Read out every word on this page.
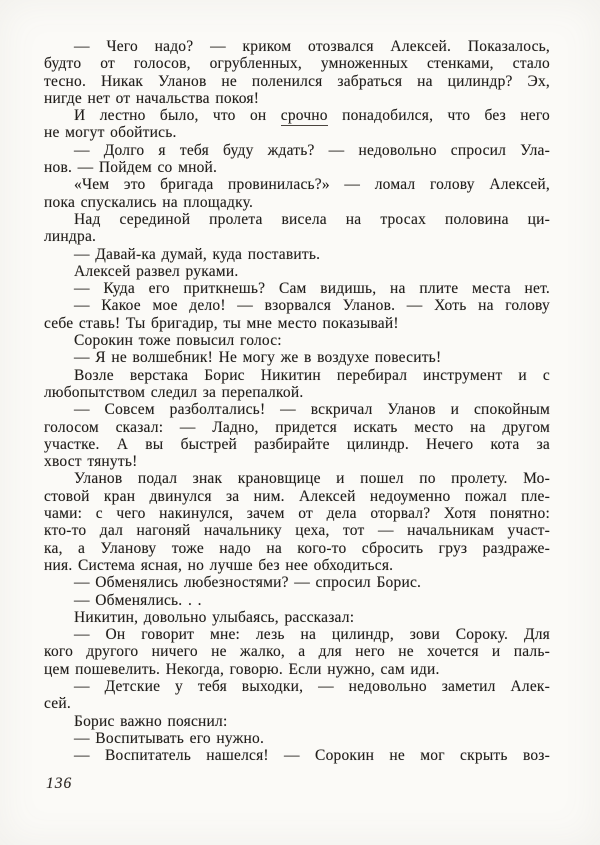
— Чего надо? — криком отозвался Алексей. Показалось,
будто от голосов, огрубленных, умноженных стенками, стало
тесно. Никак Уланов не поленился забраться на цилиндр? Эх,
нигде нет от начальства покоя!
И лестно было, что он срочно понадобился, что без него
не могут обойтись.
— Долго я тебя буду ждать? — недовольно спросил Ула-
нов. — Пойдем со мной.
«Чем это бригада провинилась?» — ломал голову Алексей,
пока спускались на площадку.
Над серединой пролета висела на тросах половина ци-
линдра.
— Давай-ка думай, куда поставить.
Алексей развел руками.
— Куда его приткнешь? Сам видишь, на плите места нет.
— Какое мое дело! — взорвался Уланов. — Хоть на голову
себе ставь! Ты бригадир, ты мне место показывай!
Сорокин тоже повысил голос:
— Я не волшебник! Не могу же в воздухе повесить!
Возле верстака Борис Никитин перебирал инструмент и с
любопытством следил за перепалкой.
— Совсем разболтались! — вскричал Уланов и спокойным
голосом сказал: — Ладно, придется искать место на другом
участке. А вы быстрей разбирайте цилиндр. Нечего кота за
хвост тянуть!
Уланов подал знак крановщице и пошел по пролету. Мо-
стовой кран двинулся за ним. Алексей недоуменно пожал пле-
чами: с чего накинулся, зачем от дела оторвал? Хотя понятно:
кто-то дал нагоняй начальнику цеха, тот — начальникам участ-
ка, а Уланову тоже надо на кого-то сбросить груз раздраже-
ния. Система ясная, но лучше без нее обходиться.
— Обменялись любезностями? — спросил Борис.
— Обменялись. . .
Никитин, довольно улыбаясь, рассказал:
— Он говорит мне: лезь на цилиндр, зови Сороку. Для
кого другого ничего не жалко, а для него не хочется и паль-
цем пошевелить. Некогда, говорю. Если нужно, сам иди.
— Детские у тебя выходки, — недовольно заметил Алек-
сей.
Борис важно пояснил:
— Воспитывать его нужно.
— Воспитатель нашелся! — Сорокин не мог скрыть воз-
136
